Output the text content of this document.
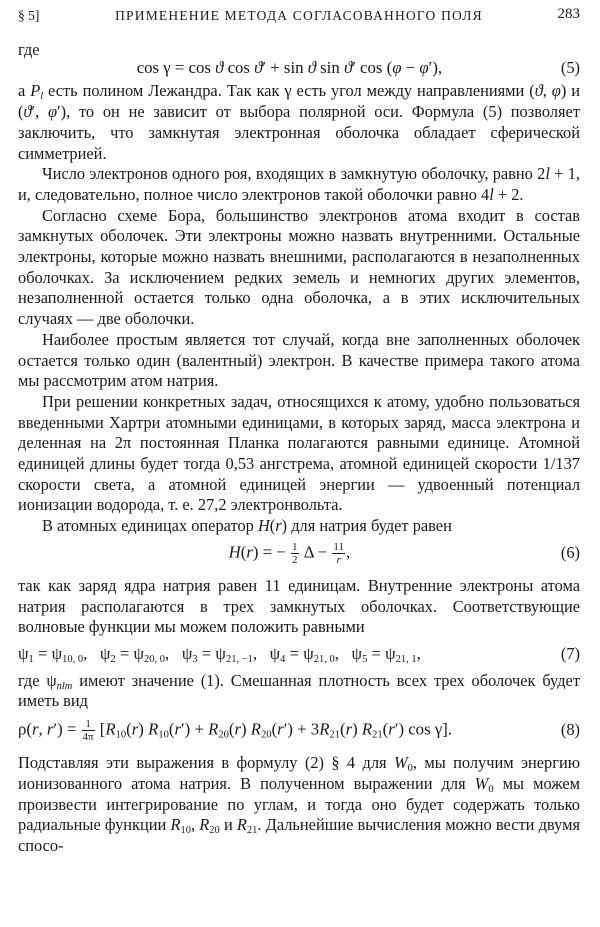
§ 5]	ПРИМЕНЕНИЕ МЕТОДА СОГЛАСОВАННОГО ПОЛЯ	283

где

cos γ = cos ϑ cos ϑ′ + sin ϑ sin ϑ′ cos (φ − φ′),	(5)

а $P_l$ есть полином Лежандра. Так как γ есть угол между направлениями (ϑ, φ) и (ϑ′, φ′), то он не зависит от выбора полярной оси. Формула (5) позволяет заключить, что замкнутая электронная оболочка обладает сферической симметрией.

Число электронов одного роя, входящих в замкнутую оболочку, равно 2l + 1, и, следовательно, полное число электронов такой оболочки равно 4l + 2.

Согласно схеме Бора, большинство электронов атома входит в состав замкнутых оболочек. Эти электроны можно назвать внутренними. Остальные электроны, которые можно назвать внешними, располагаются в незаполненных оболочках. За исключением редких земель и немногих других элементов, незаполненной остается только одна оболочка, а в этих исключительных случаях — две оболочки.

Наиболее простым является тот случай, когда вне заполненных оболочек остается только один (валентный) электрон. В качестве примера такого атома мы рассмотрим атом натрия.

При решении конкретных задач, относящихся к атому, удобно пользоваться введенными Хартри атомными единицами, в которых заряд, масса электрона и деленная на 2π постоянная Планка полагаются равными единице. Атомной единицей длины будет тогда 0,53 ангстрема, атомной единицей скорости 1/137 скорости света, а атомной единицей энергии — удвоенный потенциал ионизации водорода, т. е. 27,2 электронвольта.

В атомных единицах оператор H(r) для натрия будет равен

H(r) = − $\frac{1}{2}$ $\Delta - \frac{11}{r}$ ,	(6)

так как заряд ядра натрия равен 11 единицам. Внутренние электроны атома натрия располагаются в трех замкнутых оболочках. Соответствующие волновые функции мы можем положить равными

$\psi_1 = \psi_{10, 0}$,   $\psi_2 = \psi_{20, 0}$,   $\psi_3 = \psi_{21, -1}$,   $\psi_4 = \psi_{21, 0}$,   $\psi_5 = \psi_{21, 1}$,	(7)

где $\psi_{nlm}$ имеют значение (1). Смешанная плотность всех трех оболочек будет иметь вид

ρ(r, $r') = \frac{1}{4\pi} [R_{10}(r) R_{10}(r') + R_{20}(r) R_{20}(r') + 3R_{21}(r)$ $R_{21}(r')$ cos γ].	(8)

Подставляя эти выражения в формулу (2) § 4 для $W_0$, мы получим энергию ионизованного атома натрия. В полученном выражении для $W_0$ мы можем произвести интегрирование по углам, и тогда оно будет содержать только радиальные функции $R_{10}$, $R_{20}$ и $R_{21}$. Дальнейшие вычисления можно вести двумя спосо-
